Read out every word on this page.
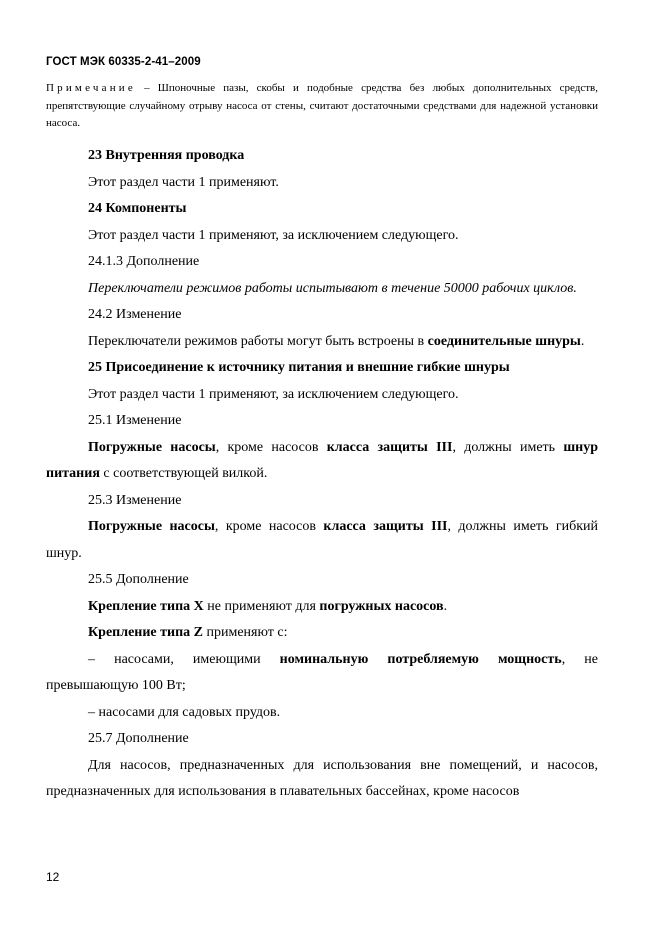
ГОСТ МЭК 60335-2-41–2009
Примечание – Шпоночные пазы, скобы и подобные средства без любых дополнительных средств, препятствующие случайному отрыву насоса от стены, считают достаточными средствами для надежной установки насоса.

23 Внутренняя проводка

Этот раздел части 1 применяют.

24 Компоненты

Этот раздел части 1 применяют, за исключением следующего.

24.1.3 Дополнение

Переключатели режимов работы испытывают в течение 50000 рабочих циклов.

24.2 Изменение

Переключатели режимов работы могут быть встроены в соединительные шнуры.

25 Присоединение к источнику питания и внешние гибкие шнуры

Этот раздел части 1 применяют, за исключением следующего.

25.1 Изменение

Погружные насосы, кроме насосов класса защиты III, должны иметь шнур питания с соответствующей вилкой.

25.3 Изменение

Погружные насосы, кроме насосов класса защиты III, должны иметь гибкий шнур.

25.5 Дополнение

Крепление типа X не применяют для погружных насосов.

Крепление типа Z применяют с:

– насосами, имеющими номинальную потребляемую мощность, не превышающую 100 Вт;

– насосами для садовых прудов.

25.7 Дополнение

Для насосов, предназначенных для использования вне помещений, и насосов, предназначенных для использования в плавательных бассейнах, кроме насосов

12
